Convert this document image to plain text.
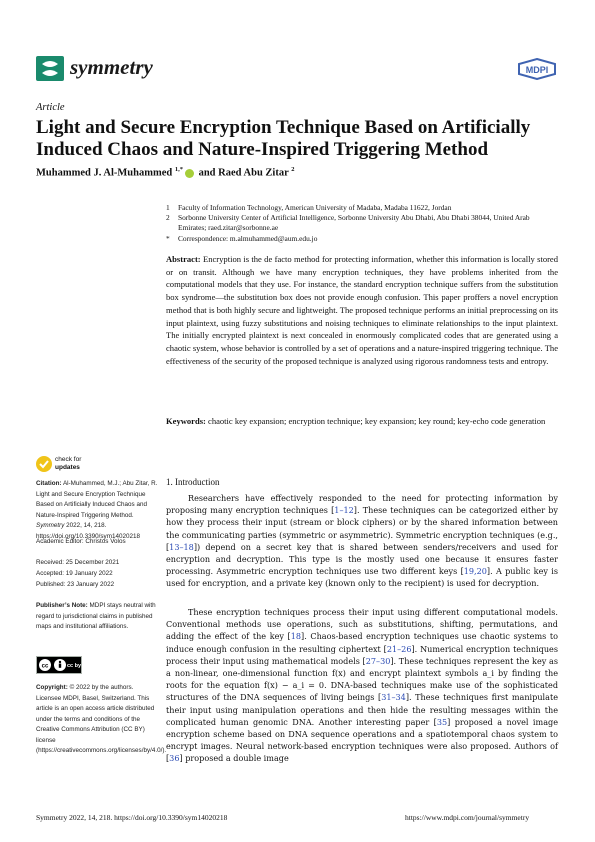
symmetry	MDPI
Article
Light and Secure Encryption Technique Based on Artificially Induced Chaos and Nature-Inspired Triggering Method
Muhammed J. Al-Muhammed $^{1,*}$ and Raed Abu Zitar $^2$
1 Faculty of Information Technology, American University of Madaba, Madaba 11622, Jordan
2 Sorbonne University Center of Artificial Intelligence, Sorbonne University Abu Dhabi, Abu Dhabi 38044, United Arab Emirates; raed.zitar@sorbonne.ae
* Correspondence: m.almuhammed@aum.edu.jo
Abstract: Encryption is the de facto method for protecting information, whether this information is locally stored or on transit. Although we have many encryption techniques, they have problems inherited from the computational models that they use. For instance, the standard encryption technique suffers from the substitution box syndrome—the substitution box does not provide enough confusion. This paper proffers a novel encryption method that is both highly secure and lightweight. The proposed technique performs an initial preprocessing on its input plaintext, using fuzzy substitutions and noising techniques to eliminate relationships to the input plaintext. The initially encrypted plaintext is next concealed in enormously complicated codes that are generated using a chaotic system, whose behavior is controlled by a set of operations and a nature-inspired triggering technique. The effectiveness of the security of the proposed technique is analyzed using rigorous randomness tests and entropy.
Keywords: chaotic key expansion; encryption technique; key expansion; key round; key-echo code generation
check for
updates
Citation: Al-Muhammed, M.J.; Abu Zitar, R. Light and Secure Encryption Technique Based on Artificially Induced Chaos and Nature-Inspired Triggering Method. Symmetry 2022, 14, 218. https://doi.org/10.3390/sym14020218
Academic Editor: Christos Volos
Received: 25 December 2021
Accepted: 19 January 2022
Published: 23 January 2022
Publisher’s Note: MDPI stays neutral with regard to jurisdictional claims in published maps and institutional affiliations.
cc	cc by
Copyright: © 2022 by the authors. Licensee MDPI, Basel, Switzerland. This article is an open access article distributed under the terms and conditions of the Creative Commons Attribution (CC BY) license (https://creativecommons.org/licenses/by/4.0/).
1. Introduction

Researchers have effectively responded to the need for protecting information by proposing many encryption techniques [1–12]. These techniques can be categorized either by how they process their input (stream or block ciphers) or by the shared information between the communicating parties (symmetric or asymmetric). Symmetric encryption techniques (e.g., [13–18]) depend on a secret key that is shared between senders/receivers and used for encryption and decryption. This type is the mostly used one because it ensures faster processing. Asymmetric encryption techniques use two different keys [19,20]. A public key is used for encryption, and a private key (known only to the recipient) is used for decryption.

These encryption techniques process their input using different computational models. Conventional methods use operations, such as substitutions, shifting, permutations, and adding the effect of the key [18]. Chaos-based encryption techniques use chaotic systems to induce enough confusion in the resulting ciphertext [21–26]. Numerical encryption techniques process their input using mathematical models [27–30]. These techniques represent the key as a non-linear, one-dimensional function f(x) and encrypt plaintext symbols a_i by finding the roots for the equation f(x) − a_i = 0. DNA-based techniques make use of the sophisticated structures of the DNA sequences of living beings [31–34]. These techniques first manipulate their input using manipulation operations and then hide the resulting messages within the complicated human genomic DNA. Another interesting paper [35] proposed a novel image encryption scheme based on DNA sequence operations and a spatiotemporal chaos system to encrypt images. Neural network-based encryption techniques were also proposed. Authors of [36] proposed a double image

Symmetry 2022, 14, 218. https://doi.org/10.3390/sym14020218	https://www.mdpi.com/journal/symmetry
